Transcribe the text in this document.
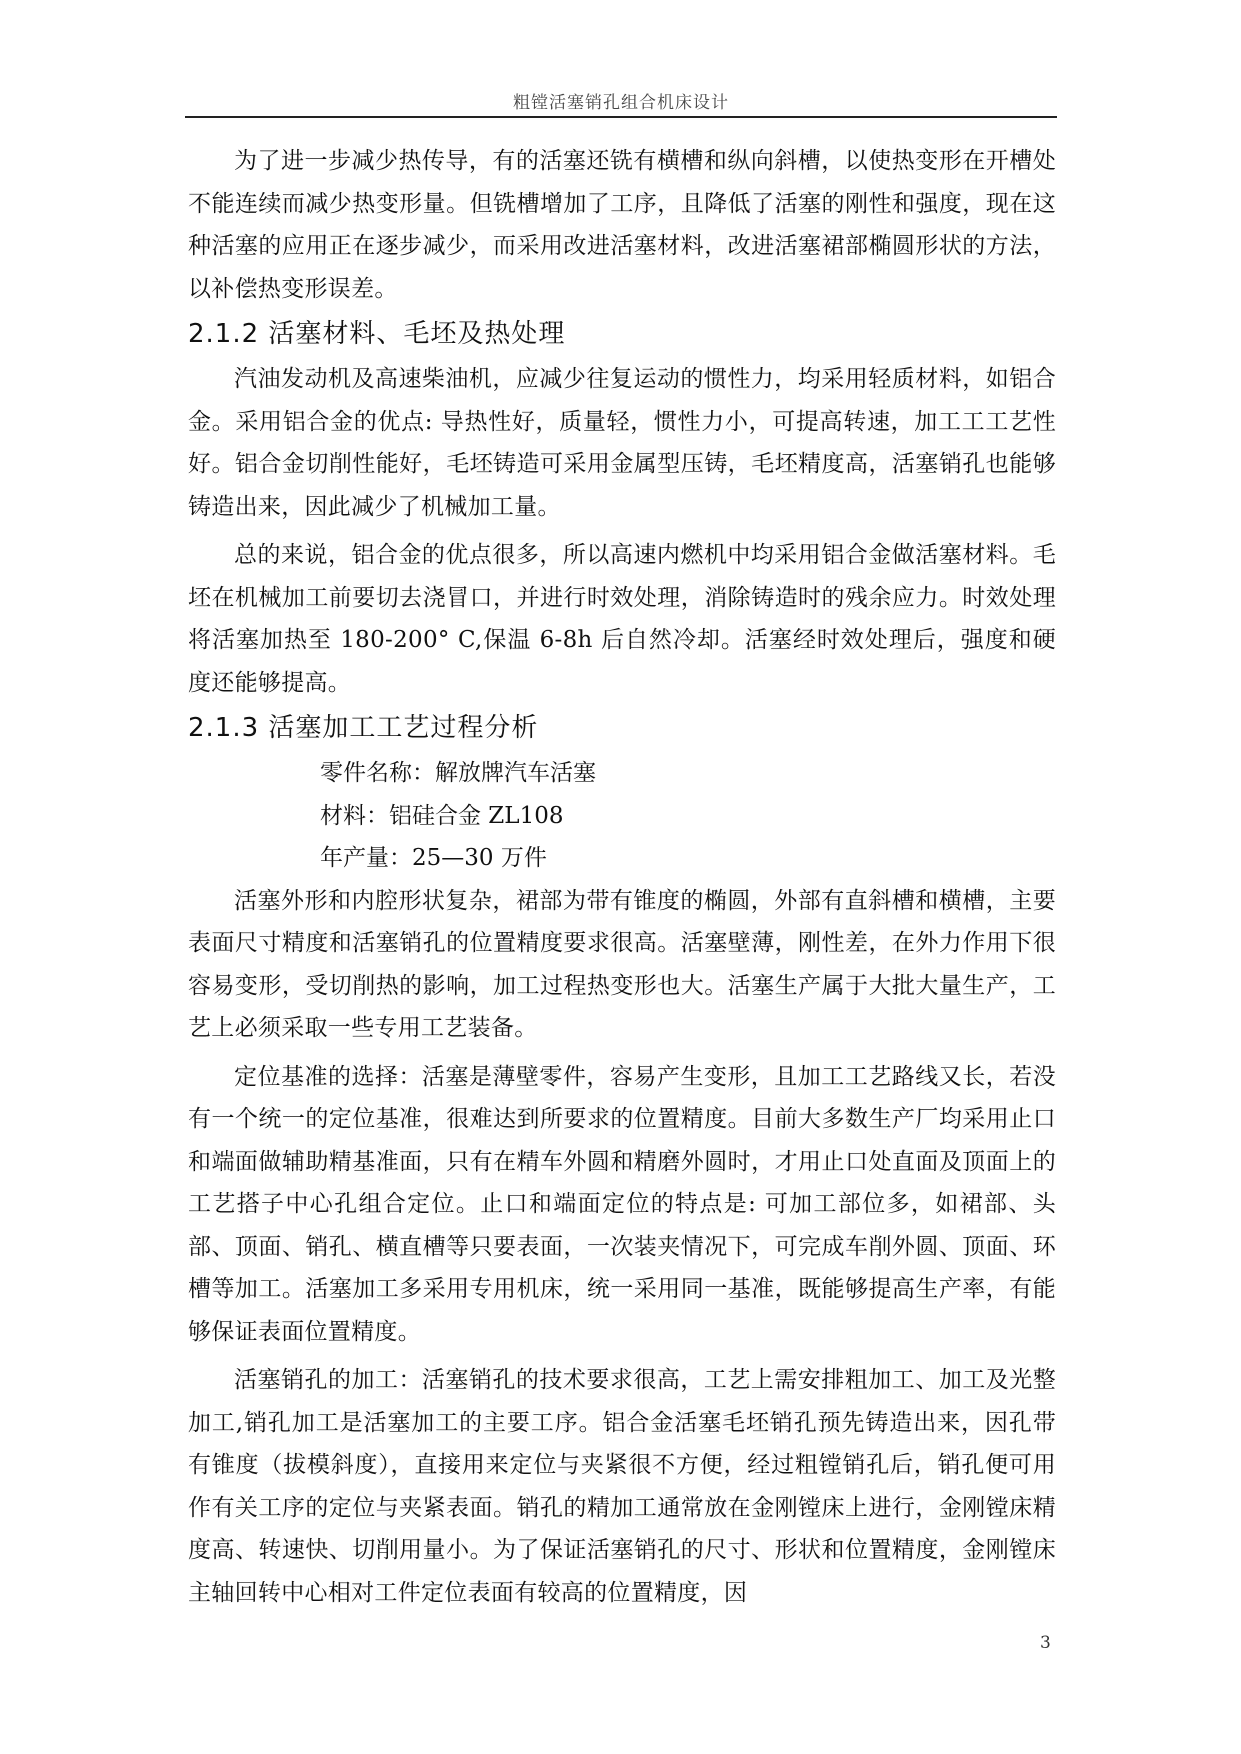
粗镗活塞销孔组合机床设计

为了进一步减少热传导，有的活塞还铣有横槽和纵向斜槽，以使热变形在开槽处不能连续而减少热变形量。但铣槽增加了工序，且降低了活塞的刚性和强度，现在这种活塞的应用正在逐步减少，而采用改进活塞材料，改进活塞裙部椭圆形状的方法，以补偿热变形误差。

2.1.2 活塞材料、毛坯及热处理

汽油发动机及高速柴油机，应减少往复运动的惯性力，均采用轻质材料，如铝合金。采用铝合金的优点: 导热性好，质量轻，惯性力小，可提高转速，加工工工艺性好。铝合金切削性能好，毛坯铸造可采用金属型压铸，毛坯精度高，活塞销孔也能够铸造出来，因此减少了机械加工量。

总的来说，铝合金的优点很多，所以高速内燃机中均采用铝合金做活塞材料。毛坯在机械加工前要切去浇冒口，并进行时效处理，消除铸造时的残余应力。时效处理将活塞加热至 180-200° C,保温 6-8h 后自然冷却。活塞经时效处理后，强度和硬度还能够提高。

2.1.3 活塞加工工艺过程分析

零件名称：解放牌汽车活塞

材料：铝硅合金 ZL108

年产量：25—30 万件

活塞外形和内腔形状复杂，裙部为带有锥度的椭圆，外部有直斜槽和横槽，主要表面尺寸精度和活塞销孔的位置精度要求很高。活塞壁薄，刚性差，在外力作用下很容易变形，受切削热的影响，加工过程热变形也大。活塞生产属于大批大量生产，工艺上必须采取一些专用工艺装备。

定位基准的选择：活塞是薄壁零件，容易产生变形，且加工工艺路线又长，若没有一个统一的定位基准，很难达到所要求的位置精度。目前大多数生产厂均采用止口和端面做辅助精基准面，只有在精车外圆和精磨外圆时，才用止口处直面及顶面上的工艺搭子中心孔组合定位。止口和端面定位的特点是: 可加工部位多，如裙部、头部、顶面、销孔、横直槽等只要表面，一次装夹情况下，可完成车削外圆、顶面、环槽等加工。活塞加工多采用专用机床，统一采用同一基准，既能够提高生产率，有能够保证表面位置精度。

活塞销孔的加工：活塞销孔的技术要求很高，工艺上需安排粗加工、加工及光整加工,销孔加工是活塞加工的主要工序。铝合金活塞毛坯销孔预先铸造出来，因孔带有锥度（拔模斜度），直接用来定位与夹紧很不方便，经过粗镗销孔后，销孔便可用作有关工序的定位与夹紧表面。销孔的精加工通常放在金刚镗床上进行，金刚镗床精度高、转速快、切削用量小。为了保证活塞销孔的尺寸、形状和位置精度，金刚镗床主轴回转中心相对工件定位表面有较高的位置精度，因

3
